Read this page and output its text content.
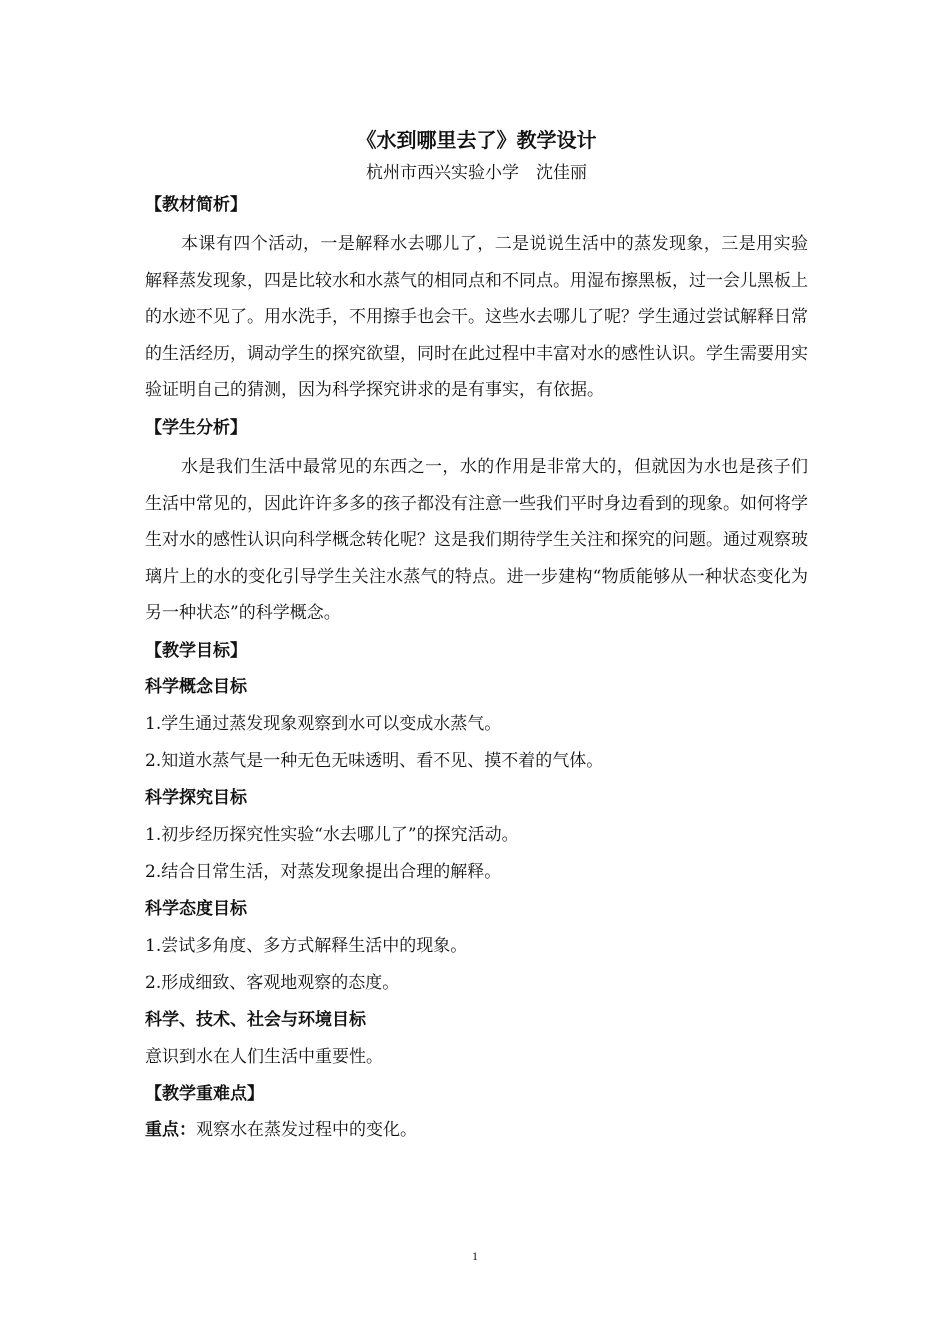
《水到哪里去了》教学设计
杭州市西兴实验小学　沈佳丽
【教材简析】

本课有四个活动，一是解释水去哪儿了，二是说说生活中的蒸发现象，三是用实验解释蒸发现象，四是比较水和水蒸气的相同点和不同点。用湿布擦黑板，过一会儿黑板上的水迹不见了。用水洗手，不用擦手也会干。这些水去哪儿了呢？学生通过尝试解释日常的生活经历，调动学生的探究欲望，同时在此过程中丰富对水的感性认识。学生需要用实验证明自己的猜测，因为科学探究讲求的是有事实，有依据。

【学生分析】

水是我们生活中最常见的东西之一，水的作用是非常大的，但就因为水也是孩子们生活中常见的，因此许许多多的孩子都没有注意一些我们平时身边看到的现象。如何将学生对水的感性认识向科学概念转化呢？这是我们期待学生关注和探究的问题。通过观察玻璃片上的水的变化引导学生关注水蒸气的特点。进一步建构“物质能够从一种状态变化为另一种状态”的科学概念。

【教学目标】
科学概念目标
1.学生通过蒸发现象观察到水可以变成水蒸气。
2.知道水蒸气是一种无色无味透明、看不见、摸不着的气体。
科学探究目标
1.初步经历探究性实验“水去哪儿了”的探究活动。
2.结合日常生活，对蒸发现象提出合理的解释。
科学态度目标
1.尝试多角度、多方式解释生活中的现象。
2.形成细致、客观地观察的态度。
科学、技术、社会与环境目标
意识到水在人们生活中重要性。
【教学重难点】
重点：观察水在蒸发过程中的变化。
1
